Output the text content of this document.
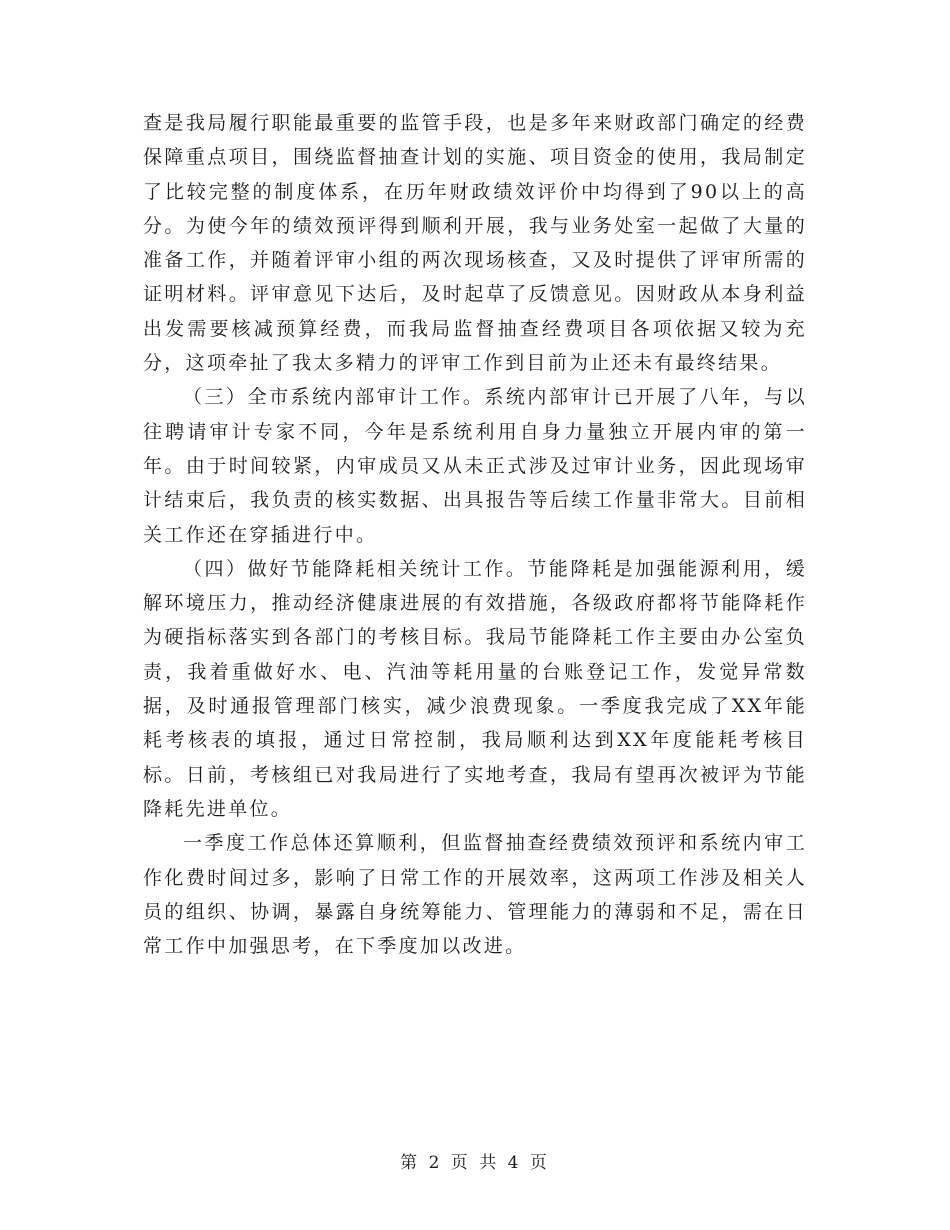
查是我局履行职能最重要的监管手段，也是多年来财政部门确定的经费保障重点项目，围绕监督抽查计划的实施、项目资金的使用，我局制定了比较完整的制度体系，在历年财政绩效评价中均得到了90以上的高分。为使今年的绩效预评得到顺利开展，我与业务处室一起做了大量的准备工作，并随着评审小组的两次现场核查，又及时提供了评审所需的证明材料。评审意见下达后，及时起草了反馈意见。因财政从本身利益出发需要核减预算经费，而我局监督抽查经费项目各项依据又较为充分，这项牵扯了我太多精力的评审工作到目前为止还未有最终结果。

（三）全市系统内部审计工作。系统内部审计已开展了八年，与以往聘请审计专家不同，今年是系统利用自身力量独立开展内审的第一年。由于时间较紧，内审成员又从未正式涉及过审计业务，因此现场审计结束后，我负责的核实数据、出具报告等后续工作量非常大。目前相关工作还在穿插进行中。

（四）做好节能降耗相关统计工作。节能降耗是加强能源利用，缓解环境压力，推动经济健康进展的有效措施，各级政府都将节能降耗作为硬指标落实到各部门的考核目标。我局节能降耗工作主要由办公室负责，我着重做好水、电、汽油等耗用量的台账登记工作，发觉异常数据，及时通报管理部门核实，减少浪费现象。一季度我完成了XX年能耗考核表的填报，通过日常控制，我局顺利达到XX年度能耗考核目标。日前，考核组已对我局进行了实地考查，我局有望再次被评为节能降耗先进单位。

一季度工作总体还算顺利，但监督抽查经费绩效预评和系统内审工作化费时间过多，影响了日常工作的开展效率，这两项工作涉及相关人员的组织、协调，暴露自身统筹能力、管理能力的薄弱和不足，需在日常工作中加强思考，在下季度加以改进。

第 2 页 共 4 页
